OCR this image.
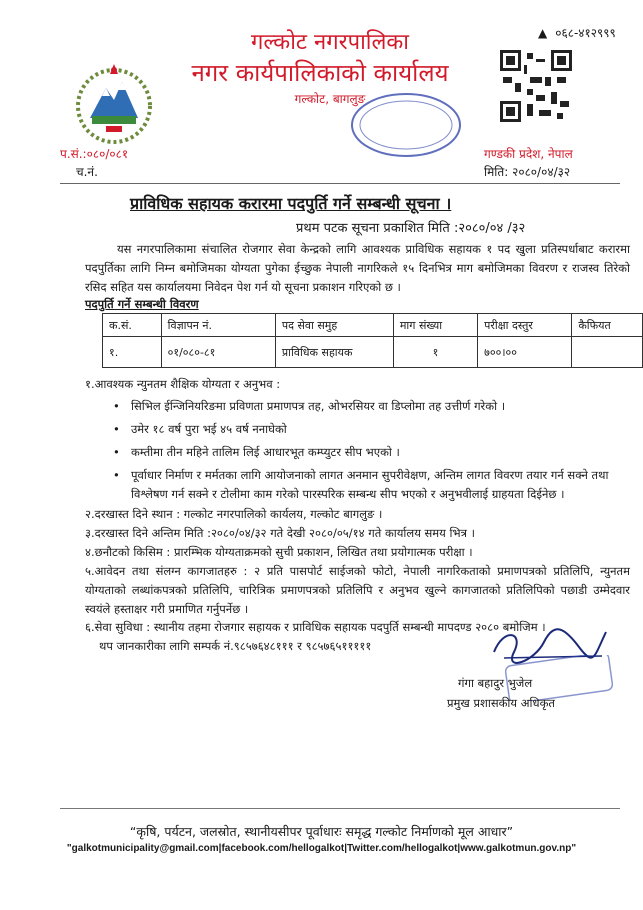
▲ ०६८-४१२९९९
गल्कोट नगरपालिका
नगर कार्यपालिकाको कार्यालय
गल्कोट, बागलुङ
प.सं.:०८०/०८१
च.नं.
गण्डकी प्रदेश, नेपाल
मिति: २०८०/०४/३२
प्राविधिक सहायक करारमा पदपुर्ति गर्ने सम्बन्धी सूचना ।
प्रथम पटक सूचना प्रकाशित मिति :२०८०/०४ /३२
यस नगरपालिकामा संचालित रोजगार सेवा केन्द्रको लागि आवश्यक प्राविधिक सहायक १ पद खुला प्रतिस्पर्धाबाट करारमा पदपुर्तिका लागि निम्न बमोजिमका योग्यता पुगेका ईच्छुक नेपाली नागरिकले १५ दिनभित्र माग बमोजिमका विवरण र राजस्व तिरेको रसिद सहित यस कार्यालयमा निवेदन पेश गर्न यो सूचना प्रकाशन गरिएको छ ।
पदपुर्ति गर्ने सम्बन्धी विवरण
क.सं.	विज्ञापन नं.	पद सेवा समुह	माग संख्या	परीक्षा दस्तुर	कैफियत
१.	०१/०८०-८१	प्राविधिक सहायक	१	७००।००	
१.आवश्यक न्युनतम शैक्षिक योग्यता र अनुभव :
• सिभिल ईन्जिनियरिङमा प्रविणता प्रमाणपत्र तह, ओभरसियर वा डिप्लोमा तह उत्तीर्ण गरेको ।
• उमेर १८ वर्ष पुरा भई ४५ वर्ष ननाघेको
• कम्तीमा तीन महिने तालिम लिई आधारभूत कम्प्युटर सीप भएको ।
• पूर्वाधार निर्माण र मर्मतका लागि आयोजनाको लागत अनमान सुपरीवेक्षण, अन्तिम लागत विवरण तयार गर्न सक्ने तथा विश्लेषण गर्न सक्ने र टोलीमा काम गरेको पारस्परिक सम्बन्ध सीप भएको र अनुभवीलाई ग्राहयता दिईनेछ ।
२.दरखास्त दिने स्थान : गल्कोट नगरपालिको कार्यलय, गल्कोट बागलुङ ।
३.दरखास्त दिने अन्तिम मिति :२०८०/०४/३२ गते देखी २०८०/०५/१४ गते कार्यालय समय भित्र ।
४.छनौटको किसिम : प्रारम्भिक योग्यताक्रमको सुची प्रकाशन, लिखित तथा प्रयोगात्मक परीक्षा ।
५.आवेदन तथा संलग्न कागजातहरु : २ प्रति पासपोर्ट साईजको फोटो, नेपाली नागरिकताको प्रमाणपत्रको प्रतिलिपि, न्युनतम योग्यताको लब्धांकपत्रको प्रतिलिपि, चारित्रिक प्रमाणपत्रको प्रतिलिपि र अनुभव खुल्ने कागजातको प्रतिलिपिको पछाडी उम्मेदवार स्वयंले हस्ताक्षर गरी प्रमाणित गर्नुपर्नेछ ।
६.सेवा सुविधा : स्थानीय तहमा रोजगार सहायक र प्राविधिक सहायक पदपुर्ति सम्बन्धी मापदण्ड २०८० बमोजिम ।
थप जानकारीका लागि सम्पर्क नं.९८५७६४८१११ र ९८५७६५१११११
गंगा बहादुर भुजेल
प्रमुख प्रशासकीय अधिकृत
“कृषि, पर्यटन, जलस्रोत, स्थानीयसीपर पूर्वाधारः समृद्ध गल्कोट निर्माणको मूल आधार”
"galkotmunicipality@gmail.com|facebook.com/hellogalkot|Twitter.com/hellogalkot|www.galkotmun.gov.np"
